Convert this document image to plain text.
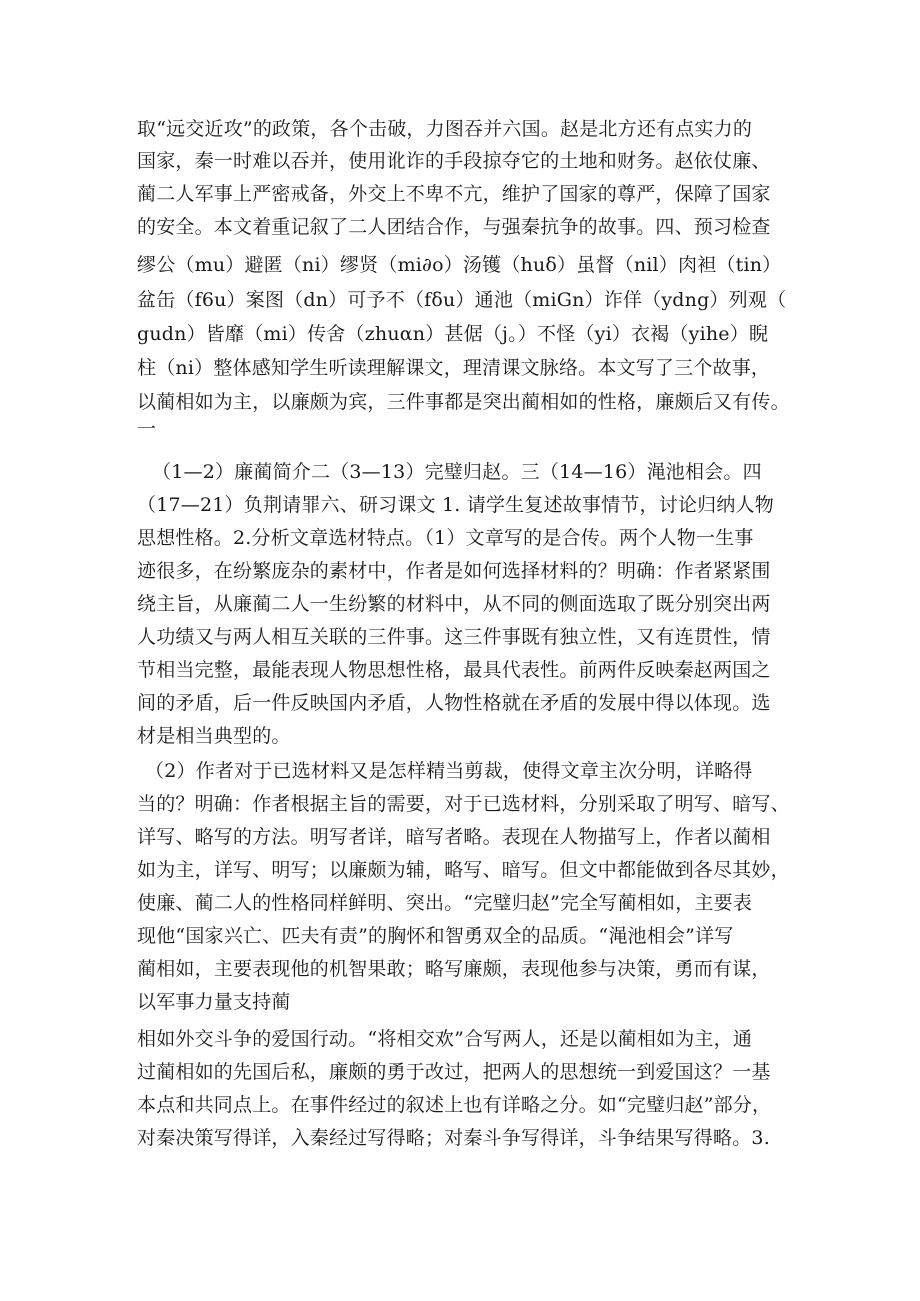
取“远交近攻”的政策，各个击破，力图吞并六国。赵是北方还有点实力的
国家，秦一时难以吞并，使用讹诈的手段掠夺它的土地和财务。赵依仗廉、
蔺二人军事上严密戒备，外交上不卑不亢，维护了国家的尊严，保障了国家
的安全。本文着重记叙了二人团结合作，与强秦抗争的故事。四、预习检查
缪公（mu）避匿（ni）缪贤（mi∂o）汤镬（huδ）虽督（nil）肉袒（tin）
盆缶（f6u）案图（dn）可予不（fδu）通池（miGn）诈佯（ydng）列观（
gudn）皆靡（mi）传舍（zhuαn）甚倨（j。）不怪（yi）衣褐（yihe）睨
柱（ni）整体感知学生听读理解课文，理清课文脉络。本文写了三个故事，
以蔺相如为主，以廉颇为宾，三件事都是突出蔺相如的性格，廉颇后又有传。
一
（1—2）廉蔺简介二（3—13）完璧归赵。三（14—16）渑池相会。四
（17—21）负荆请罪六、研习课文 1. 请学生复述故事情节，讨论归纳人物
思想性格。2.分析文章选材特点。（1）文章写的是合传。两个人物一生事
迹很多，在纷繁庞杂的素材中，作者是如何选择材料的？明确：作者紧紧围
绕主旨，从廉蔺二人一生纷繁的材料中，从不同的侧面选取了既分别突出两
人功绩又与两人相互关联的三件事。这三件事既有独立性，又有连贯性，情
节相当完整，最能表现人物思想性格，最具代表性。前两件反映秦赵两国之
间的矛盾，后一件反映国内矛盾，人物性格就在矛盾的发展中得以体现。选
材是相当典型的。
（2）作者对于已选材料又是怎样精当剪裁，使得文章主次分明，详略得
当的？明确：作者根据主旨的需要，对于已选材料，分别采取了明写、暗写、
详写、略写的方法。明写者详，暗写者略。表现在人物描写上，作者以蔺相
如为主，详写、明写；以廉颇为辅，略写、暗写。但文中都能做到各尽其妙，
使廉、蔺二人的性格同样鲜明、突出。“完璧归赵”完全写蔺相如，主要表
现他“国家兴亡、匹夫有责”的胸怀和智勇双全的品质。“渑池相会”详写
蔺相如，主要表现他的机智果敢；略写廉颇，表现他参与决策，勇而有谋，
以军事力量支持蔺
相如外交斗争的爱国行动。“将相交欢”合写两人，还是以蔺相如为主，通
过蔺相如的先国后私，廉颇的勇于改过，把两人的思想统一到爱国这？一基
本点和共同点上。在事件经过的叙述上也有详略之分。如“完璧归赵”部分，
对秦决策写得详，入秦经过写得略；对秦斗争写得详，斗争结果写得略。3.
